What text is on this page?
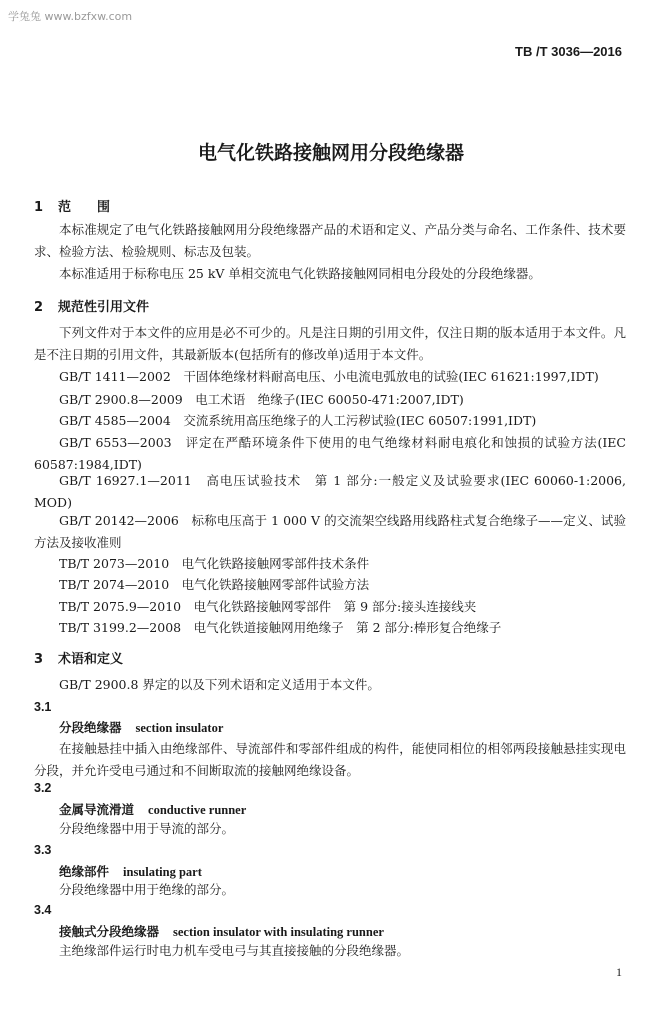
学兔兔 www.bzfxw.com
TB /T 3036—2016
电气化铁路接触网用分段绝缘器
1 范　　围
本标准规定了电气化铁路接触网用分段绝缘器产品的术语和定义、产品分类与命名、工作条件、技术要求、检验方法、检验规则、标志及包装。
本标准适用于标称电压 25 kV 单相交流电气化铁路接触网同相电分段处的分段绝缘器。
2 规范性引用文件
下列文件对于本文件的应用是必不可少的。凡是注日期的引用文件，仅注日期的版本适用于本文件。凡是不注日期的引用文件，其最新版本(包括所有的修改单)适用于本文件。
GB/T 1411—2002　干固体绝缘材料耐高电压、小电流电弧放电的试验(IEC 61621:1997,IDT)
GB/T 2900.8—2009　电工术语　绝缘子(IEC 60050-471:2007,IDT)
GB/T 4585—2004　交流系统用高压绝缘子的人工污秽试验(IEC 60507:1991,IDT)
GB/T 6553—2003　评定在严酷环境条件下使用的电气绝缘材料耐电痕化和蚀损的试验方法(IEC 60587:1984,IDT)
GB/T 16927.1—2011　高电压试验技术　第 1 部分:一般定义及试验要求(IEC 60060-1:2006, MOD)
GB/T 20142—2006　标称电压高于 1 000 V 的交流架空线路用线路柱式复合绝缘子——定义、试验方法及接收准则
TB/T 2073—2010　电气化铁路接触网零部件技术条件
TB/T 2074—2010　电气化铁路接触网零部件试验方法
TB/T 2075.9—2010　电气化铁路接触网零部件　第 9 部分:接头连接线夹
TB/T 3199.2—2008　电气化铁道接触网用绝缘子　第 2 部分:棒形复合绝缘子
3 术语和定义
GB/T 2900.8 界定的以及下列术语和定义适用于本文件。
3.1
分段绝缘器 section insulator
在接触悬挂中插入由绝缘部件、导流部件和零部件组成的构件，能使同相位的相邻两段接触悬挂实现电分段，并允许受电弓通过和不间断取流的接触网绝缘设备。
3.2
金属导流滑道 conductive runner
分段绝缘器中用于导流的部分。
3.3
绝缘部件 insulating part
分段绝缘器中用于绝缘的部分。
3.4
接触式分段绝缘器 section insulator with insulating runner
主绝缘部件运行时电力机车受电弓与其直接接触的分段绝缘器。
1
